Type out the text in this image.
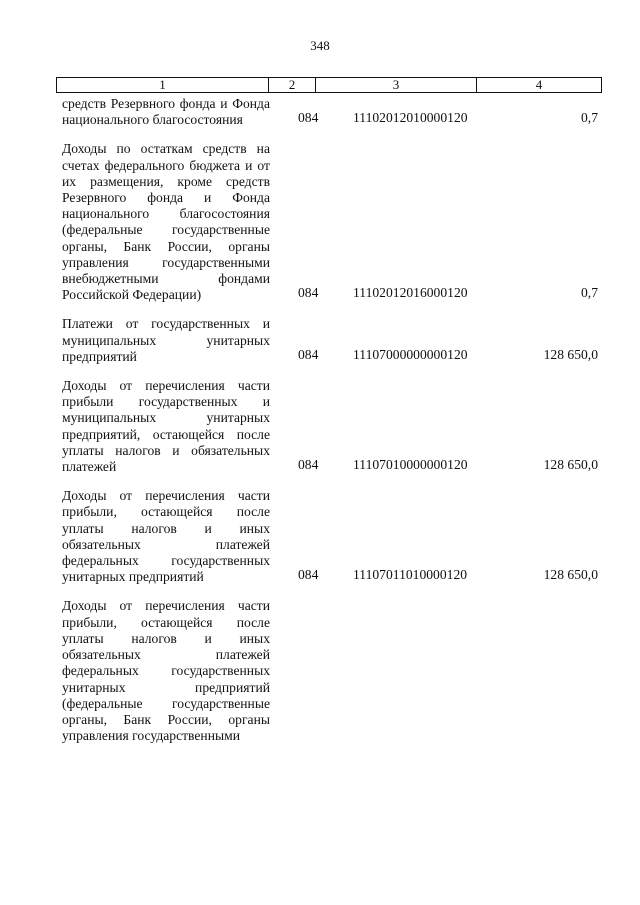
348
1	2	3	4
средств Резервного фонда и Фонда национального благосостояния	084	11102012010000120	0,7
Доходы по остаткам средств на счетах федерального бюджета и от их размещения, кроме средств Резервного фонда и Фонда национального благосостояния (федеральные государственные органы, Банк России, органы управления государственными внебюджетными фондами Российской Федерации)	084	11102012016000120	0,7
Платежи от государственных и муниципальных унитарных предприятий	084	11107000000000120	128 650,0
Доходы от перечисления части прибыли государственных и муниципальных унитарных предприятий, остающейся после уплаты налогов и обязательных платежей	084	11107010000000120	128 650,0
Доходы от перечисления части прибыли, остающейся после уплаты налогов и иных обязательных платежей федеральных государственных унитарных предприятий	084	11107011010000120	128 650,0
Доходы от перечисления части прибыли, остающейся после уплаты налогов и иных обязательных платежей федеральных государственных унитарных предприятий (федеральные государственные органы, Банк России, органы управления государственными
